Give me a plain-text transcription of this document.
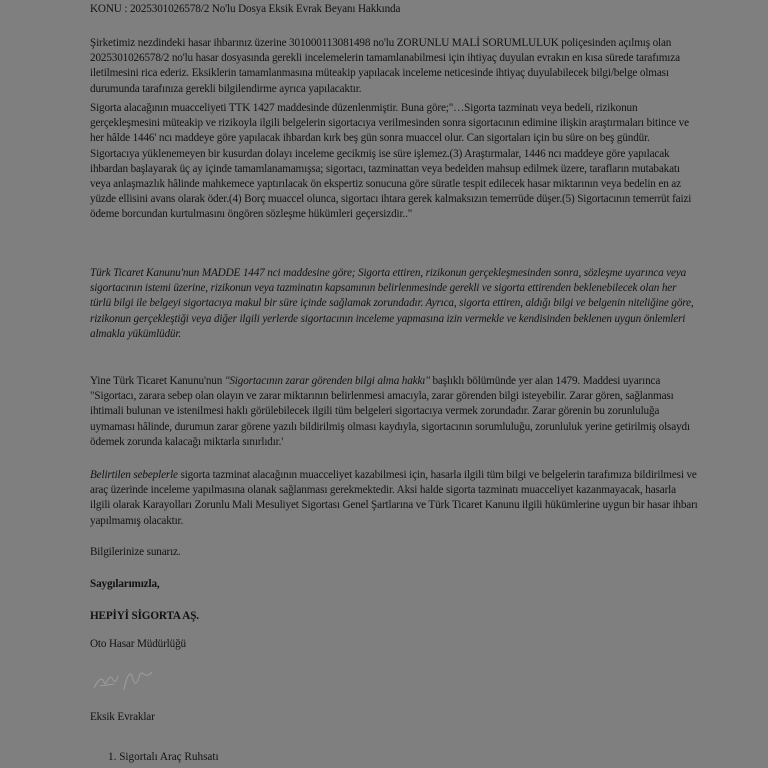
KONU : 2025301026578/2 No'lu Dosya Eksik Evrak Beyanı Hakkında

Şirketimiz nezdindeki hasar ihbarınız üzerine 301000113081498 no'lu ZORUNLU MALİ SORUMLULUK poliçesinden açılmış olan 2025301026578/2 no'lu hasar dosyasında gerekli incelemelerin tamamlanabilmesi için ihtiyaç duyulan evrakın en kısa sürede tarafımıza iletilmesini rica ederiz. Eksiklerin tamamlanmasına müteakip yapılacak inceleme neticesinde ihtiyaç duyulabilecek bilgi/belge olması durumunda tarafınıza gerekli bilgilendirme ayrıca yapılacaktır.

Sigorta alacağının muacceliyeti TTK 1427 maddesinde düzenlenmiştir. Buna göre;"…Sigorta tazminatı veya bedeli, rizikonun gerçekleşmesini müteakip ve rizikoyla ilgili belgelerin sigortacıya verilmesinden sonra sigortacının edimine ilişkin araştırmaları bitince ve her hâlde 1446' ncı maddeye göre yapılacak ihbardan kırk beş gün sonra muaccel olur. Can sigortaları için bu süre on beş gündür. Sigortacıya yüklenemeyen bir kusurdan dolayı inceleme gecikmiş ise süre işlemez.(3) Araştırmalar, 1446 ncı maddeye göre yapılacak ihbardan başlayarak üç ay içinde tamamlanamamışsa; sigortacı, tazminattan veya bedelden mahsup edilmek üzere, tarafların mutabakatı veya anlaşmazlık hâlinde mahkemece yaptırılacak ön ekspertiz sonucuna göre süratle tespit edilecek hasar miktarının veya bedelin en az yüzde ellisini avans olarak öder.(4) Borç muaccel olunca, sigortacı ihtara gerek kalmaksızın temerrüde düşer.(5) Sigortacının temerrüt faizi ödeme borcundan kurtulmasını öngören sözleşme hükümleri geçersizdir.."

Türk Ticaret Kanunu'nun MADDE 1447 nci maddesine göre; Sigorta ettiren, rizikonun gerçekleşmesinden sonra, sözleşme uyarınca veya sigortacının istemi üzerine, rizikonun veya tazminatın kapsamının belirlenmesinde gerekli ve sigorta ettirenden beklenebilecek olan her türlü bilgi ile belgeyi sigortacıya makul bir süre içinde sağlamak zorundadır. Ayrıca, sigorta ettiren, aldığı bilgi ve belgenin niteliğine göre, rizikonun gerçekleştiği veya diğer ilgili yerlerde sigortacının inceleme yapmasına izin vermekle ve kendisinden beklenen uygun önlemleri almakla yükümlüdür.

Yine Türk Ticaret Kanunu'nun "Sigortacının zarar görenden bilgi alma hakkı" başlıklı bölümünde yer alan 1479. Maddesi uyarınca "Sigortacı, zarara sebep olan olayın ve zarar miktarının belirlenmesi amacıyla, zarar görenden bilgi isteyebilir. Zarar gören, sağlanması ihtimali bulunan ve istenilmesi haklı görülebilecek ilgili tüm belgeleri sigortacıya vermek zorundadır. Zarar görenin bu zorunluluğa uymaması hâlinde, durumun zarar görene yazılı bildirilmiş olması kaydıyla, sigortacının sorumluluğu, zorunluluk yerine getirilmiş olsaydı ödemek zorunda kalacağı miktarla sınırlıdır.'

Belirtilen sebeplerle sigorta tazminat alacağının muacceliyet kazabilmesi için, hasarla ilgili tüm bilgi ve belgelerin tarafımıza bildirilmesi ve araç üzerinde inceleme yapılmasına olanak sağlanması gerekmektedir. Aksi halde sigorta tazminatı muacceliyet kazanmayacak, hasarla ilgili olarak Karayolları Zorunlu Mali Mesuliyet Sigortası Genel Şartlarına ve Türk Ticaret Kanunu ilgili hükümlerine uygun bir hasar ihbarı yapılmamış olacaktır.

Bilgilerinize sunarız.

Saygılarımızla,

HEPİYİ SİGORTA AŞ.

Oto Hasar Müdürlüğü

Eksik Evraklar

1. Sigortalı Araç Ruhsatı
